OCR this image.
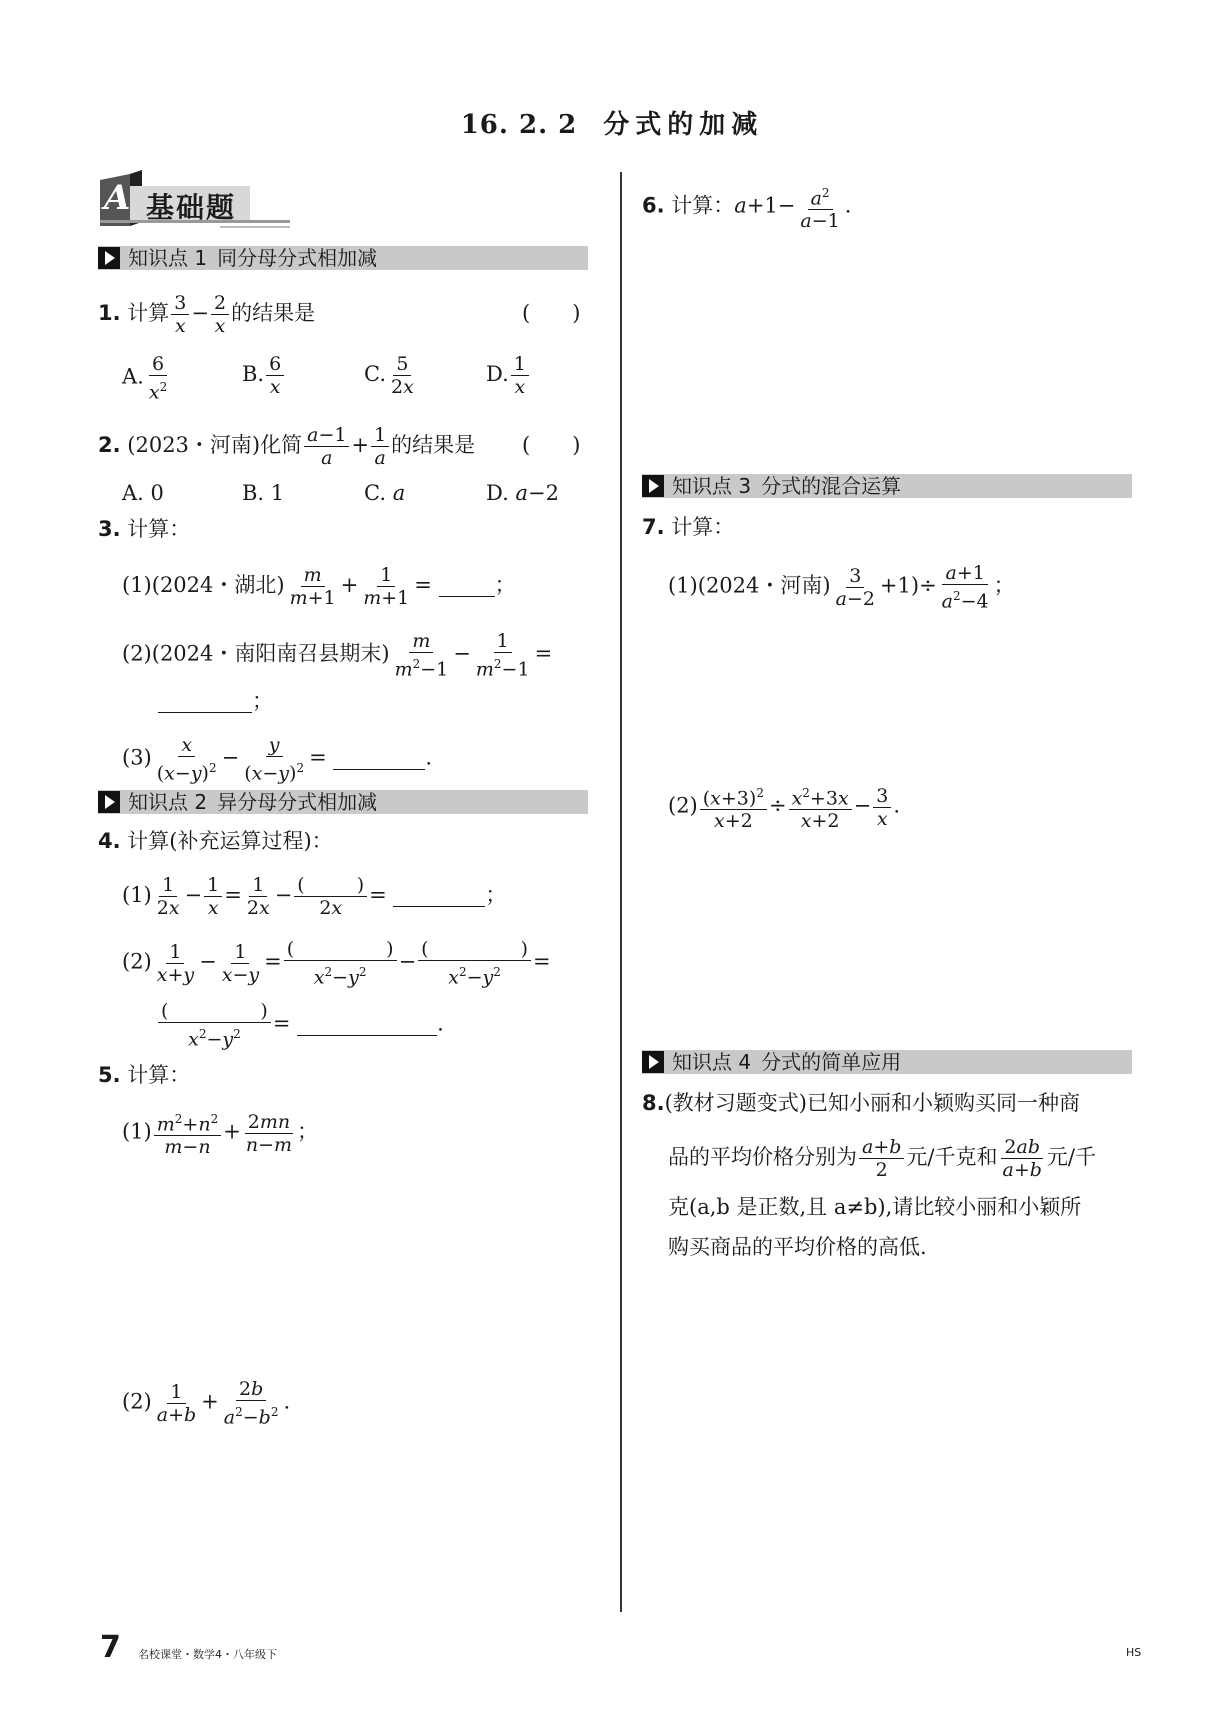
16. 2. 2 分式的加减
A 基础题
知识点 1 同分母分式相加减
1. 计算 $\frac{3}{x} - \frac{2}{x}$ 的结果是	(　　)
A. $\frac{6}{x^2}$	B. $\frac{6}{x}$	C. $\frac{5}{2x}$	D. $\frac{1}{x}$
2. (2023・河南)化简 $\frac{a-1}{a} + \frac{1}{a}$ 的结果是 (　　)
A. 0	B. 1	C. a	D. a−2
3. 计算：
(1)(2024・湖北) $\frac{m}{m+1} + \frac{1}{m+1}$ =	；
(2)(2024・南阳南召县期末) $\frac{m}{m^2-1} - \frac{1}{m^2-1}$ =
；
$(3) \frac{x}{(x-y)^2} - \frac{y}{(x-y)^2}$ =	.
知识点 2 异分母分式相加减
4. 计算(补充运算过程)：
$(1) \frac{1}{2x} - \frac{1}{x} = \frac{1}{2x}$ − (	)
2x =	；
$(2) \frac{1}{x+y} - \frac{1}{x-y}$ = (	)
$x^2-y^2$ − (	)
$x^2-y^2$ =
(	)
$x^2-y^2$ =	.
5. 计算：
$(1) \frac{m^2+n^2}{m-n} + \frac{2mn}{n-m}$ ；
$(2) \frac{1}{a+b} + \frac{2b}{a^2-b^2}$ .
6. 计算：$a+1- \frac{a^2}{a-1}$ .
知识点 3 分式的混合运算
7. 计算：
(1)(2024・河南) $\frac{3}{a-2} +1)\div \frac{a+1}{a^2-4}$ ；
$(2) \frac{(x+3)^2}{x+2} \div \frac{x^2+3x}{x+2} - \frac{3}{x}$ .
知识点 4 分式的简单应用
8.(教材习题变式)已知小丽和小颖购买同一种商
品的平均价格分别为 $\frac{a+b}{2}$ 元/千克和 $\frac{2ab}{a+b}$ 元/千
克(a,b 是正数,且 a≠b),请比较小丽和小颖所
购买商品的平均价格的高低.
7 名校课堂・数学4・八年级下	HS
